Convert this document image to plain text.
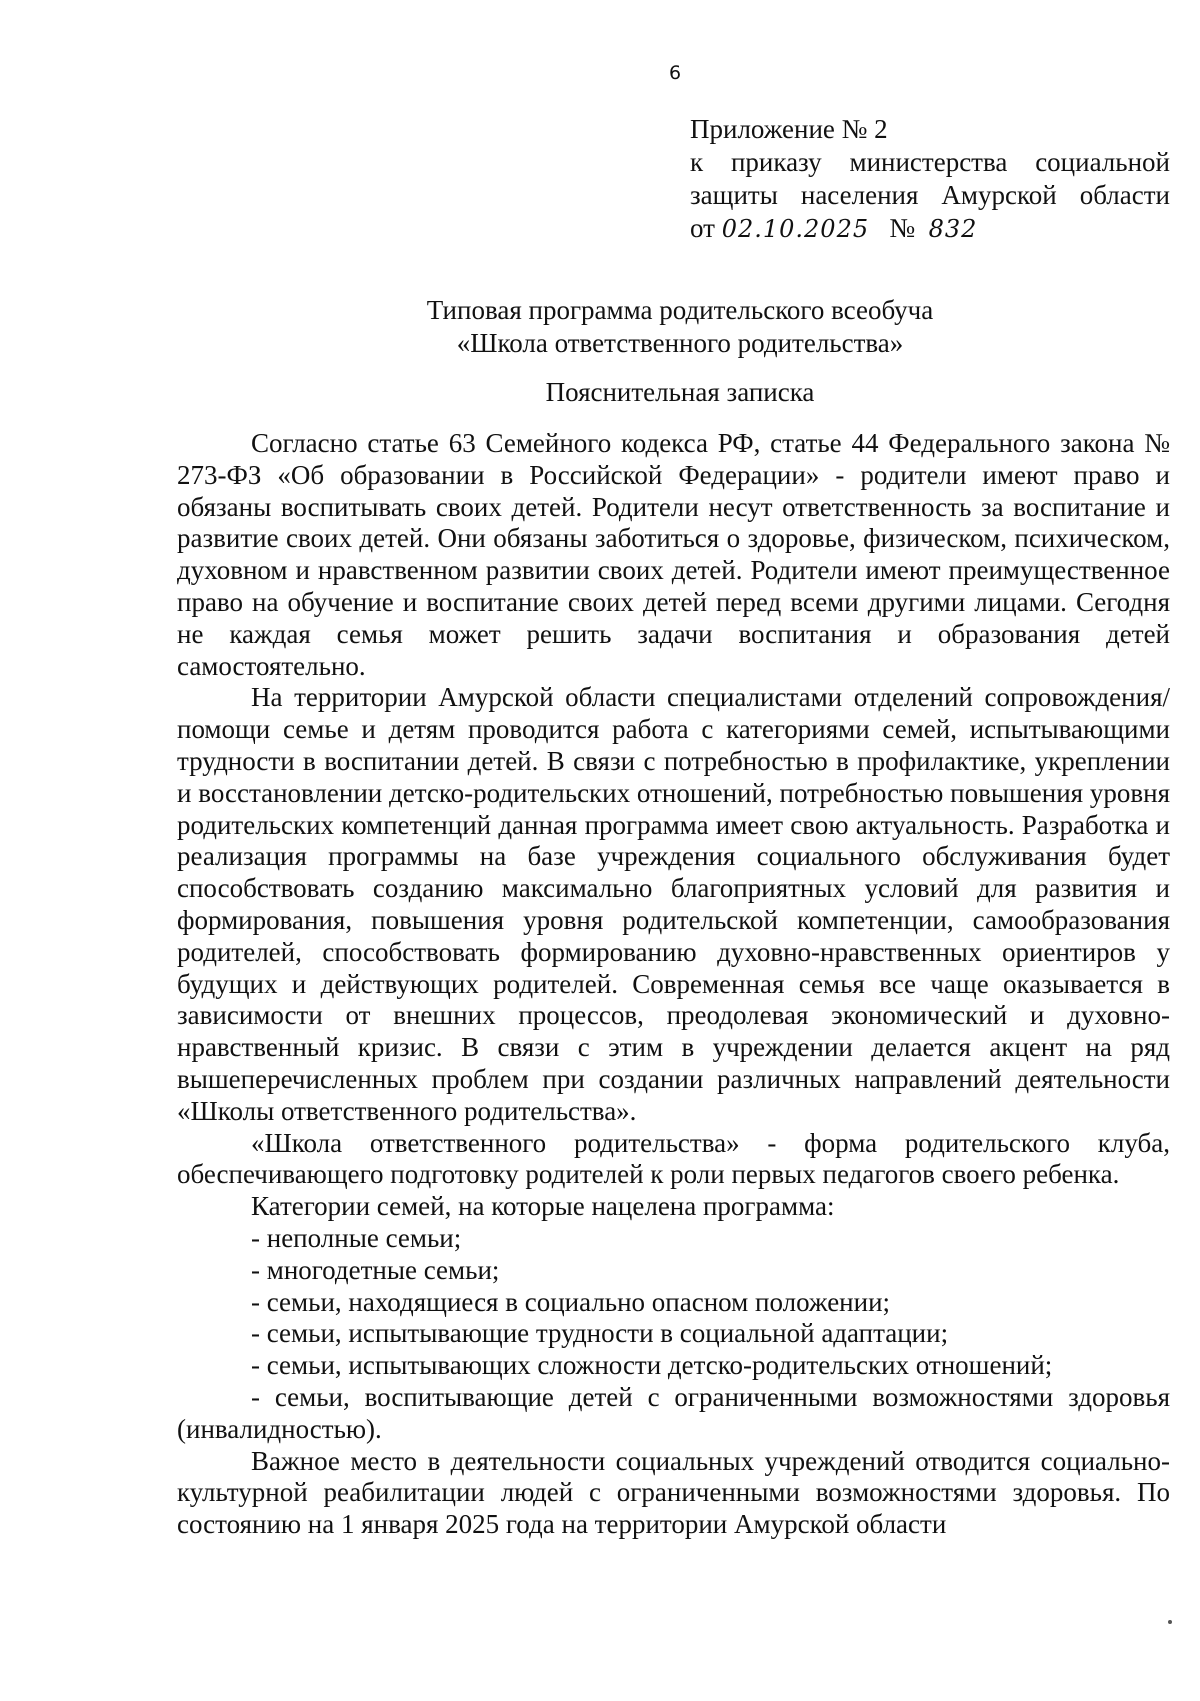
6
Приложение № 2
к приказу министерства социальной
защиты населения Амурской области
от 02.10.2025 № 832
Типовая программа родительского всеобуча
«Школа ответственного родительства»
Пояснительная записка

Согласно статье 63 Семейного кодекса РФ, статье 44 Федерального закона № 273-ФЗ «Об образовании в Российской Федерации» - родители имеют право и обязаны воспитывать своих детей. Родители несут ответственность за воспитание и развитие своих детей. Они обязаны заботиться о здоровье, физическом, психическом, духовном и нравственном развитии своих детей. Родители имеют преимущественное право на обучение и воспитание своих детей перед всеми другими лицами. Сегодня не каждая семья может решить задачи воспитания и образования детей самостоятельно.

На территории Амурской области специалистами отделений сопровождения/помощи семье и детям проводится работа с категориями семей, испытывающими трудности в воспитании детей. В связи с потребностью в профилактике, укреплении и восстановлении детско-родительских отношений, потребностью повышения уровня родительских компетенций данная программа имеет свою актуальность. Разработка и реализация программы на базе учреждения социального обслуживания будет способствовать созданию максимально благоприятных условий для развития и формирования, повышения уровня родительской компетенции, самообразования родителей, способствовать формированию духовно-нравственных ориентиров у будущих и действующих родителей. Современная семья все чаще оказывается в зависимости от внешних процессов, преодолевая экономический и духовно-нравственный кризис. В связи с этим в учреждении делается акцент на ряд вышеперечисленных проблем при создании различных направлений деятельности «Школы ответственного родительства».

«Школа ответственного родительства» - форма родительского клуба, обеспечивающего подготовку родителей к роли первых педагогов своего ребенка.

Категории семей, на которые нацелена программа:

- неполные семьи;
- многодетные семьи;
- семьи, находящиеся в социально опасном положении;
- семьи, испытывающие трудности в социальной адаптации;
- семьи, испытывающих сложности детско-родительских отношений;
- семьи, воспитывающие детей с ограниченными возможностями здоровья (инвалидностью).

Важное место в деятельности социальных учреждений отводится социально-культурной реабилитации людей с ограниченными возможностями здоровья. По состоянию на 1 января 2025 года на территории Амурской области
